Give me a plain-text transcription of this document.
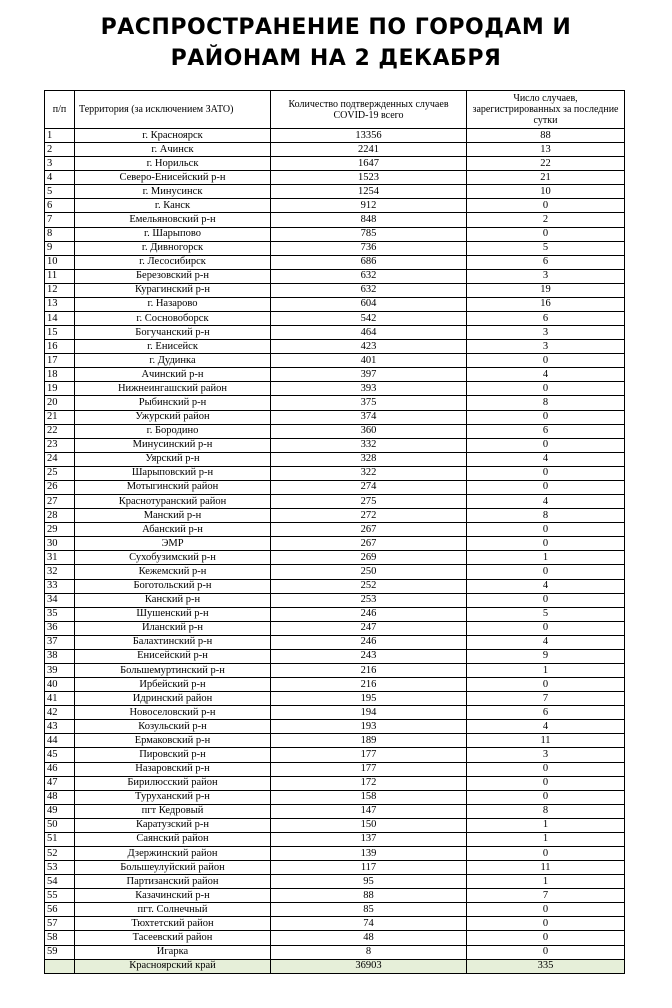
РАСПРОСТРАНЕНИЕ ПО ГОРОДАМ И
РАЙОНАМ НА 2 ДЕКАБРЯ
п/п	Территория (за исключением ЗАТО)	Количество подтвержденных случаев COVID-19 всего	Число случаев, зарегистрированных за последние сутки
1	г. Красноярск	13356	88
2	г. Ачинск	2241	13
3	г. Норильск	1647	22
4	Северо-Енисейский р-н	1523	21
5	г. Минусинск	1254	10
6	г. Канск	912	0
7	Емельяновский р-н	848	2
8	г. Шарыпово	785	0
9	г. Дивногорск	736	5
10	г. Лесосибирск	686	6
11	Березовский р-н	632	3
12	Курагинский р-н	632	19
13	г. Назарово	604	16
14	г. Сосновоборск	542	6
15	Богучанский р-н	464	3
16	г. Енисейск	423	3
17	г. Дудинка	401	0
18	Ачинский р-н	397	4
19	Нижнеингашский район	393	0
20	Рыбинский р-н	375	8
21	Ужурский район	374	0
22	г. Бородино	360	6
23	Минусинский р-н	332	0
24	Уярский р-н	328	4
25	Шарыповский р-н	322	0
26	Мотыгинский район	274	0
27	Краснотуранский район	275	4
28	Манский р-н	272	8
29	Абанский р-н	267	0
30	ЭМР	267	0
31	Сухобузимский р-н	269	1
32	Кежемский р-н	250	0
33	Боготольский р-н	252	4
34	Канский р-н	253	0
35	Шушенский р-н	246	5
36	Иланский р-н	247	0
37	Балахтинский р-н	246	4
38	Енисейский р-н	243	9
39	Большемуртинский р-н	216	1
40	Ирбейский р-н	216	0
41	Идринский район	195	7
42	Новоселовский р-н	194	6
43	Козульский р-н	193	4
44	Ермаковский р-н	189	11
45	Пировский р-н	177	3
46	Назаровский р-н	177	0
47	Бирилюсский район	172	0
48	Туруханский р-н	158	0
49	пгт Кедровый	147	8
50	Каратузский р-н	150	1
51	Саянский район	137	1
52	Дзержинский район	139	0
53	Большеулуйский район	117	11
54	Партизанский район	95	1
55	Казачинский р-н	88	7
56	пгт. Солнечный	85	0
57	Тюхтетский район	74	0
58	Тасеевский район	48	0
59	Игарка	8	0
	Красноярский край	36903	335
